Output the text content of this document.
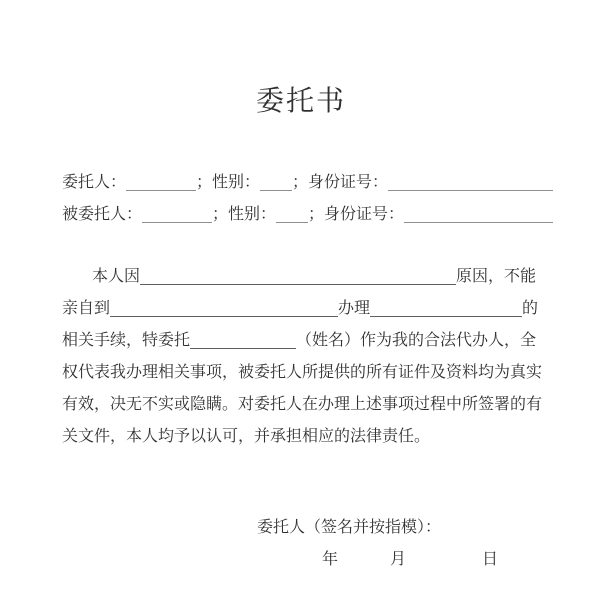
委托书
委托人：	；性别： ；身份证号：
被委托人：	；性别： ；身份证号：
本人因	原因，不能
亲自到	办理	的
相关手续，特委托	（姓名）作为我的合法代办人，全
权代表我办理相关事项，被委托人所提供的所有证件及资料均为真实
有效，决无不实或隐瞒。对委托人在办理上述事项过程中所签署的有
关文件，本人均予以认可，并承担相应的法律责任。
委托人（签名并按指模）：
年	月	日
